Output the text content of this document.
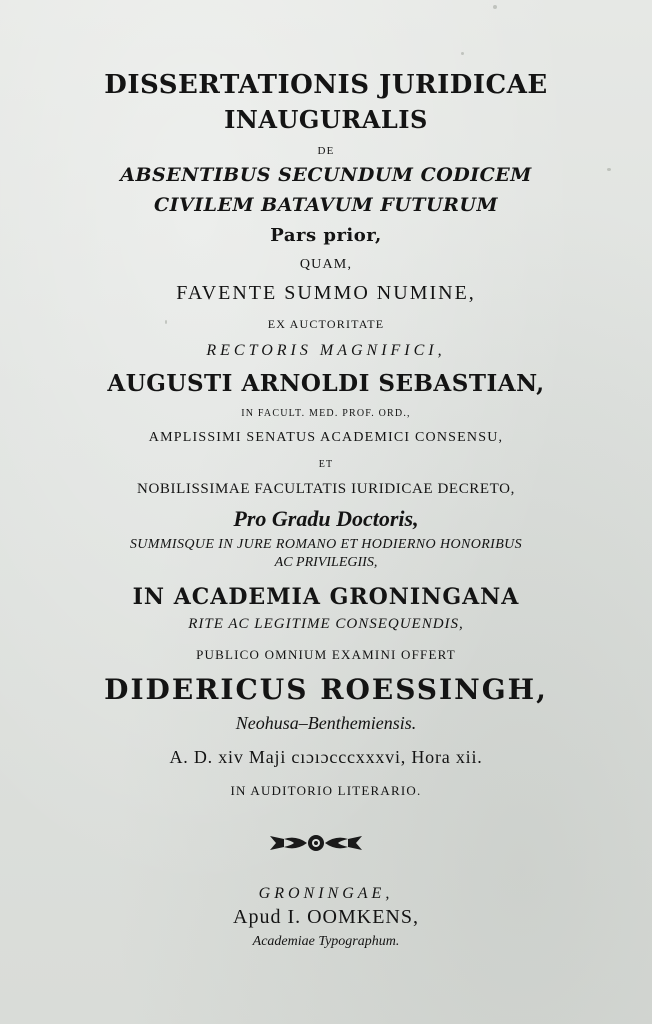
DISSERTATIONIS JURIDICAE

INAUGURALIS

DE

ABSENTIBUS SECUNDUM CODICEM

CIVILEM BATAVUM FUTURUM

Pars prior,

QUAM,

FAVENTE SUMMO NUMINE,

EX AUCTORITATE

RECTORIS MAGNIFICI,

AUGUSTI ARNOLDI SEBASTIAN,

IN FACULT. MED. PROF. ORD.,

AMPLISSIMI SENATUS ACADEMICI CONSENSU,

ET

NOBILISSIMAE FACULTATIS IURIDICAE DECRETO,

Pro Gradu Doctoris,

SUMMISQUE IN JURE ROMANO ET HODIERNO HONORIBUS

AC PRIVILEGIIS,

IN ACADEMIA GRONINGANA

RITE AC LEGITIME CONSEQUENDIS,

PUBLICO OMNIUM EXAMINI OFFERT

DIDERICUS ROESSINGH,

Neohusa–Benthemiensis.

A. D. xiv Maji cıɔıɔcccxxxvi, Hora xii.

IN AUDITORIO LITERARIO.

GRONINGAE,

Apud I. OOMKENS,

Academiae Typographum.
